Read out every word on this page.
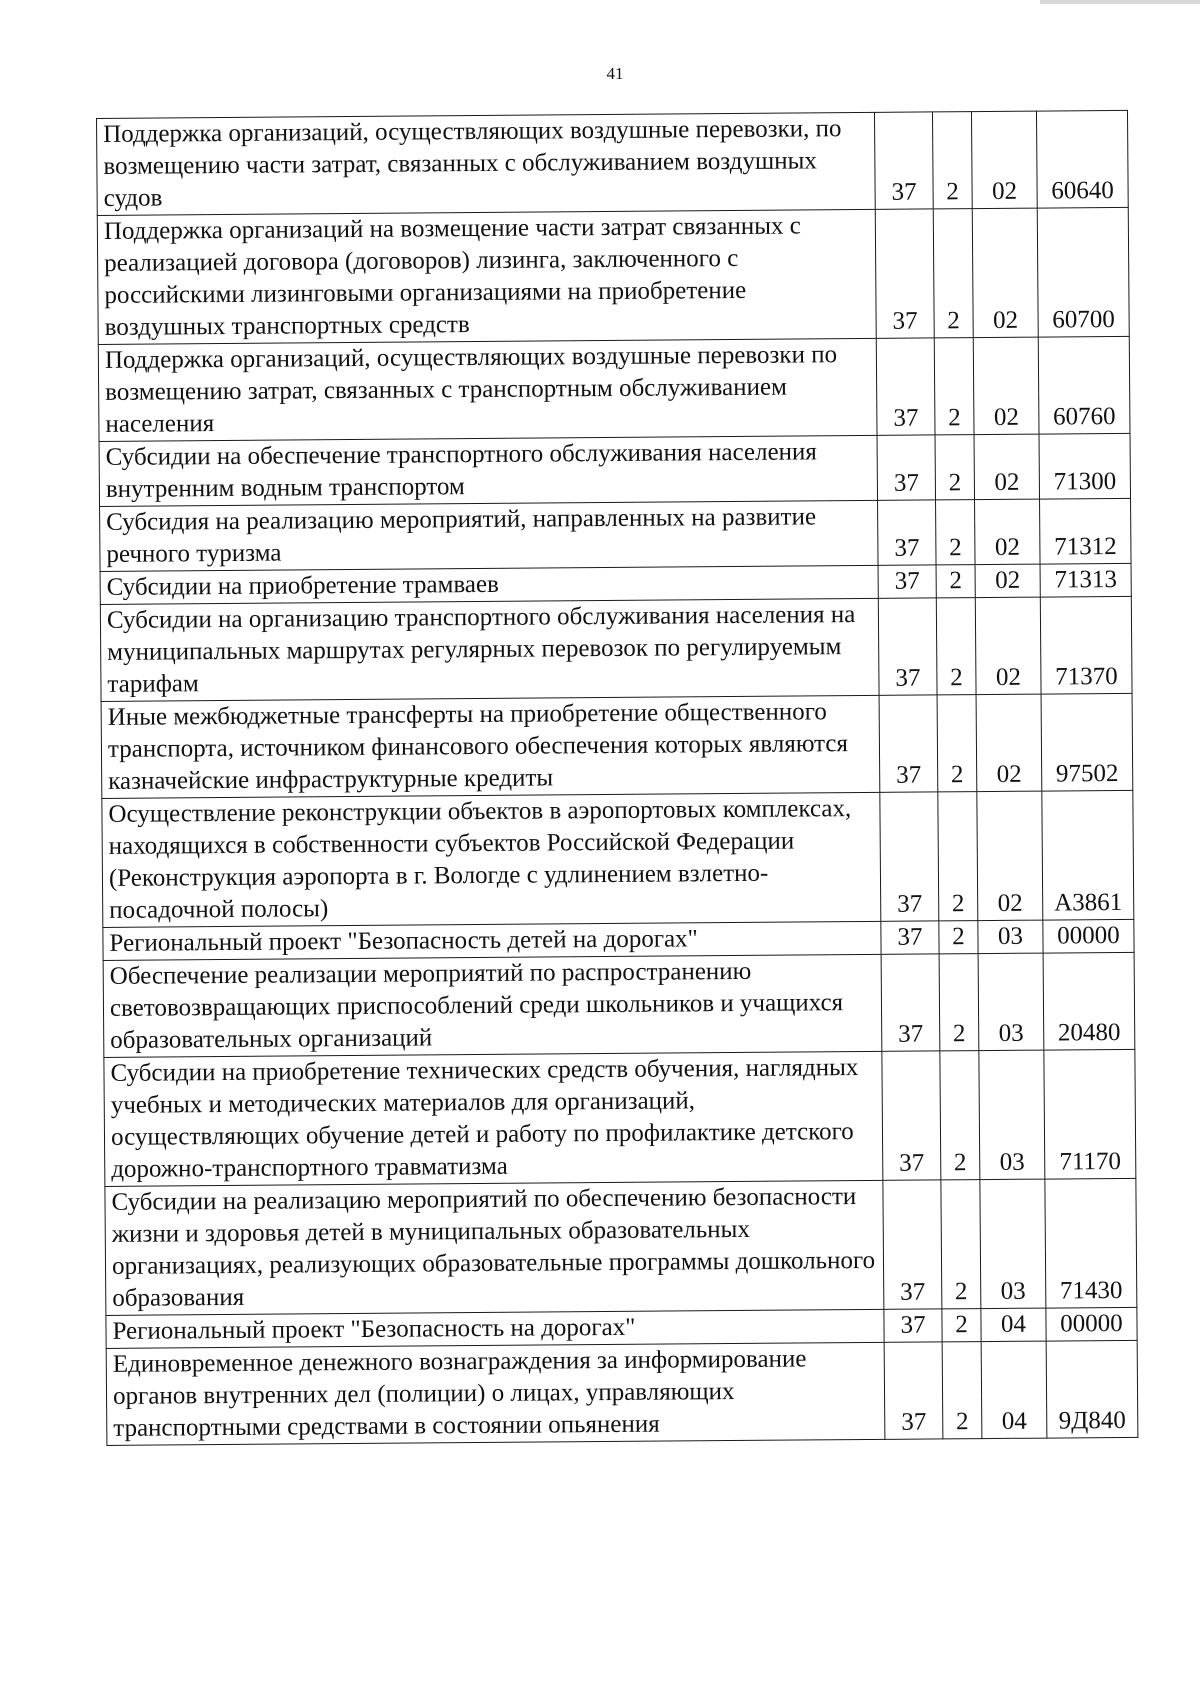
41
Поддержка организаций, осуществляющих воздушные перевозки, по возмещению части затрат, связанных с обслуживанием воздушных судов	37	2	02	60640
Поддержка организаций на возмещение части затрат связанных с реализацией договора (договоров) лизинга, заключенного с российскими лизинговыми организациями на приобретение воздушных транспортных средств	37	2	02	60700
Поддержка организаций, осуществляющих воздушные перевозки по возмещению затрат, связанных с транспортным обслуживанием населения	37	2	02	60760
Субсидии на обеспечение транспортного обслуживания населения внутренним водным транспортом	37	2	02	71300
Субсидия на реализацию мероприятий, направленных на развитие речного туризма	37	2	02	71312
Субсидии на приобретение трамваев	37	2	02	71313
Субсидии на организацию транспортного обслуживания населения на муниципальных маршрутах регулярных перевозок по регулируемым тарифам	37	2	02	71370
Иные межбюджетные трансферты на приобретение общественного транспорта, источником финансового обеспечения которых являются казначейские инфраструктурные кредиты	37	2	02	97502
Осуществление реконструкции объектов в аэропортовых комплексах, находящихся в собственности субъектов Российской Федерации (Реконструкция аэропорта в г. Вологде с удлинением взлетно-посадочной полосы)	37	2	02	А3861
Региональный проект "Безопасность детей на дорогах"	37	2	03	00000
Обеспечение реализации мероприятий по распространению световозвращающих приспособлений среди школьников и учащихся образовательных организаций	37	2	03	20480
Субсидии на приобретение технических средств обучения, наглядных учебных и методических материалов для организаций, осуществляющих обучение детей и работу по профилактике детского дорожно-транспортного травматизма	37	2	03	71170
Субсидии на реализацию мероприятий по обеспечению безопасности жизни и здоровья детей в муниципальных образовательных организациях, реализующих образовательные программы дошкольного образования	37	2	03	71430
Региональный проект "Безопасность на дорогах"	37	2	04	00000
Единовременное денежного вознаграждения за информирование органов внутренних дел (полиции) о лицах, управляющих транспортными средствами в состоянии опьянения	37	2	04	9Д840
